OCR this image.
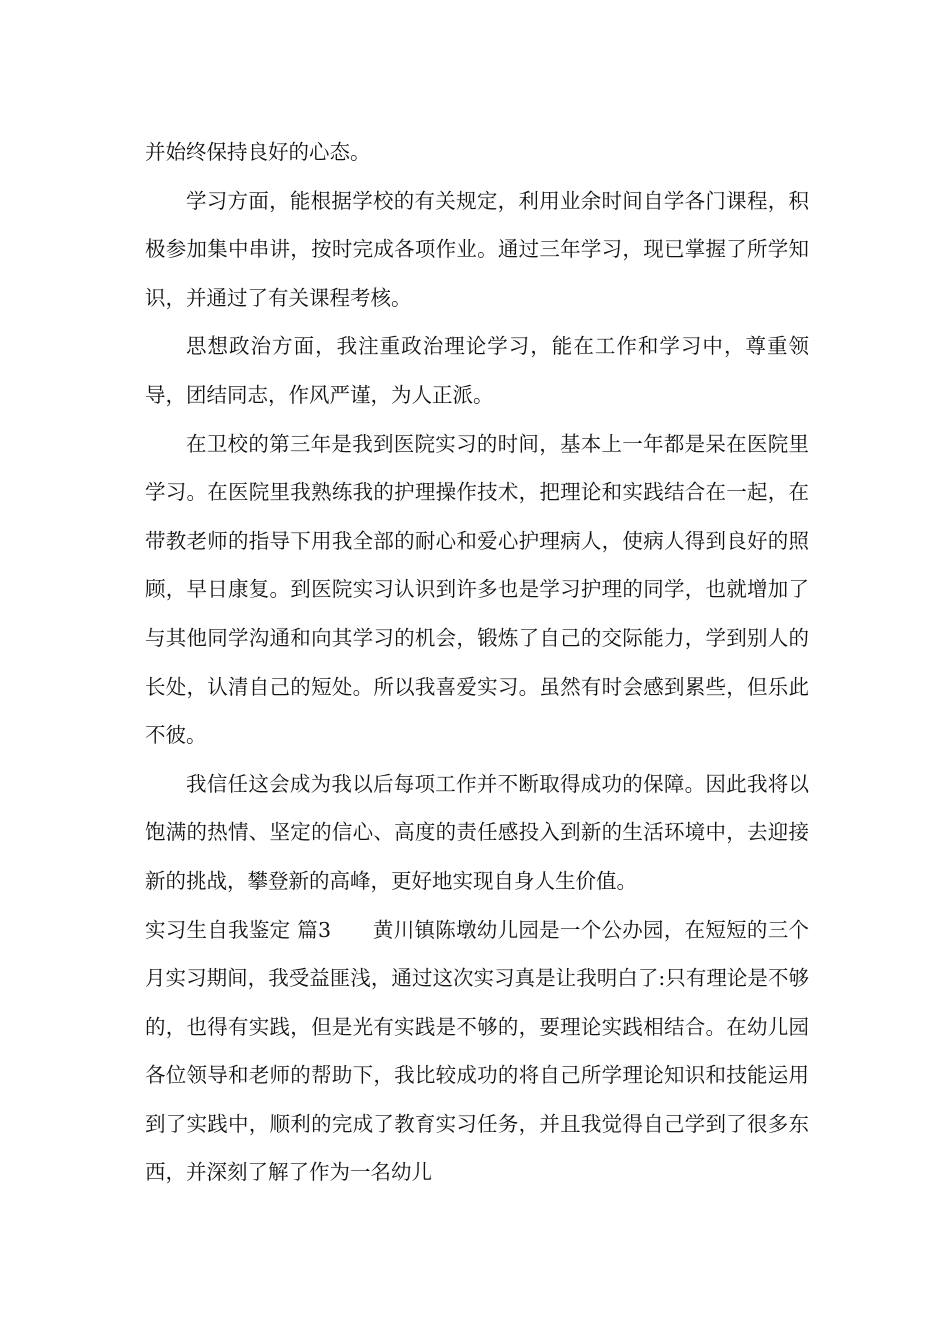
并始终保持良好的心态。

学习方面，能根据学校的有关规定，利用业余时间自学各门课程，积极参加集中串讲，按时完成各项作业。通过三年学习，现已掌握了所学知识，并通过了有关课程考核。

思想政治方面，我注重政治理论学习，能在工作和学习中，尊重领导，团结同志，作风严谨，为人正派。

在卫校的第三年是我到医院实习的时间，基本上一年都是呆在医院里学习。在医院里我熟练我的护理操作技术，把理论和实践结合在一起，在带教老师的指导下用我全部的耐心和爱心护理病人，使病人得到良好的照顾，早日康复。到医院实习认识到许多也是学习护理的同学，也就增加了与其他同学沟通和向其学习的机会，锻炼了自己的交际能力，学到别人的长处，认清自己的短处。所以我喜爱实习。虽然有时会感到累些，但乐此不彼。

我信任这会成为我以后每项工作并不断取得成功的保障。因此我将以饱满的热情、坚定的信心、高度的责任感投入到新的生活环境中，去迎接新的挑战，攀登新的高峰，更好地实现自身人生价值。

实习生自我鉴定 篇3　　黄川镇陈墩幼儿园是一个公办园，在短短的三个月实习期间，我受益匪浅，通过这次实习真是让我明白了:只有理论是不够的，也得有实践，但是光有实践是不够的，要理论实践相结合。在幼儿园各位领导和老师的帮助下，我比较成功的将自己所学理论知识和技能运用到了实践中，顺利的完成了教育实习任务，并且我觉得自己学到了很多东西，并深刻了解了作为一名幼儿
